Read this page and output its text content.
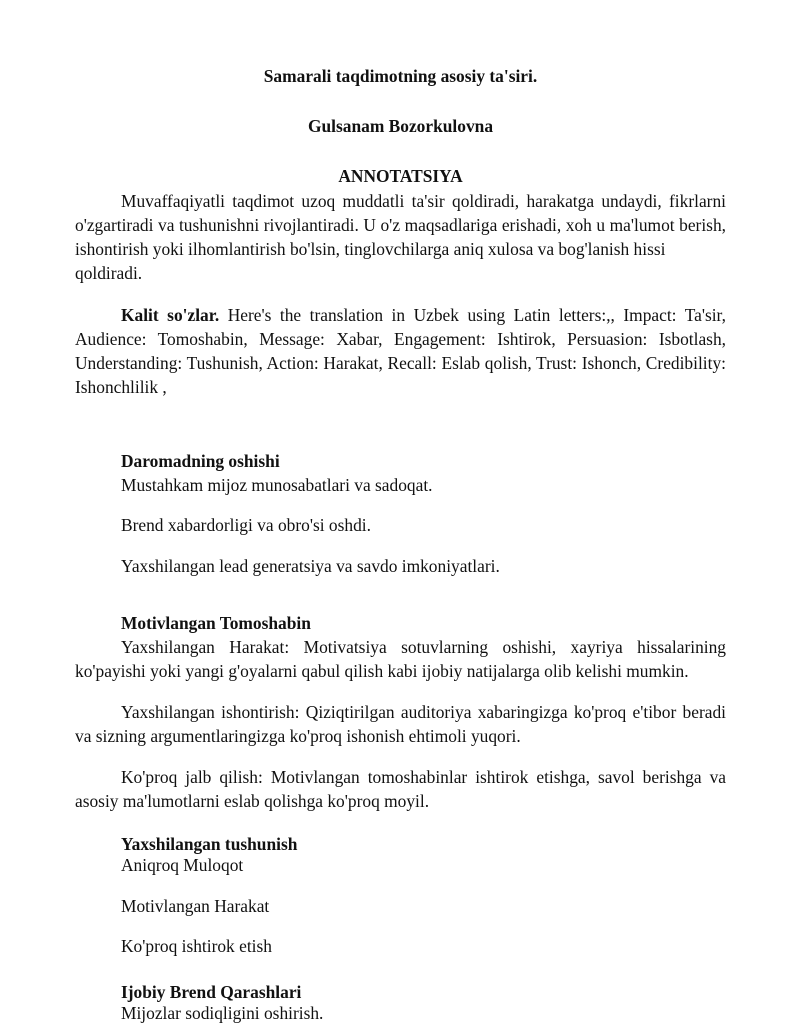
Samarali taqdimotning asosiy ta'siri.
Gulsanam Bozorkulovna
ANNOTATSIYA

Muvaffaqiyatli taqdimot uzoq muddatli ta'sir qoldiradi, harakatga undaydi, fikrlarni o'zgartiradi va tushunishni rivojlantiradi. U o'z maqsadlariga erishadi, xoh u ma'lumot berish, ishontirish yoki ilhomlantirish bo'lsin, tinglovchilarga aniq xulosa va bog'lanish hissi

qoldiradi.

Kalit so'zlar. Here's the translation in Uzbek using Latin letters:,, Impact: Ta'sir, Audience: Tomoshabin, Message: Xabar, Engagement: Ishtirok, Persuasion: Isbotlash, Understanding: Tushunish, Action: Harakat, Recall: Eslab qolish, Trust: Ishonch, Credibility: Ishonchlilik ,

Daromadning oshishi

Mustahkam mijoz munosabatlari va sadoqat.

Brend xabardorligi va obro'si oshdi.

Yaxshilangan lead generatsiya va savdo imkoniyatlari.

Motivlangan Tomoshabin

Yaxshilangan Harakat: Motivatsiya sotuvlarning oshishi, xayriya hissalarining ko'payishi yoki yangi g'oyalarni qabul qilish kabi ijobiy natijalarga olib kelishi mumkin.

Yaxshilangan ishontirish: Qiziqtirilgan auditoriya xabaringizga ko'proq e'tibor beradi va sizning argumentlaringizga ko'proq ishonish ehtimoli yuqori.

Ko'proq jalb qilish: Motivlangan tomoshabinlar ishtirok etishga, savol berishga va asosiy ma'lumotlarni eslab qolishga ko'proq moyil.

Yaxshilangan tushunish

Aniqroq Muloqot

Motivlangan Harakat

Ko'proq ishtirok etish

Ijobiy Brend Qarashlari

Mijozlar sodiqligini oshirish.
